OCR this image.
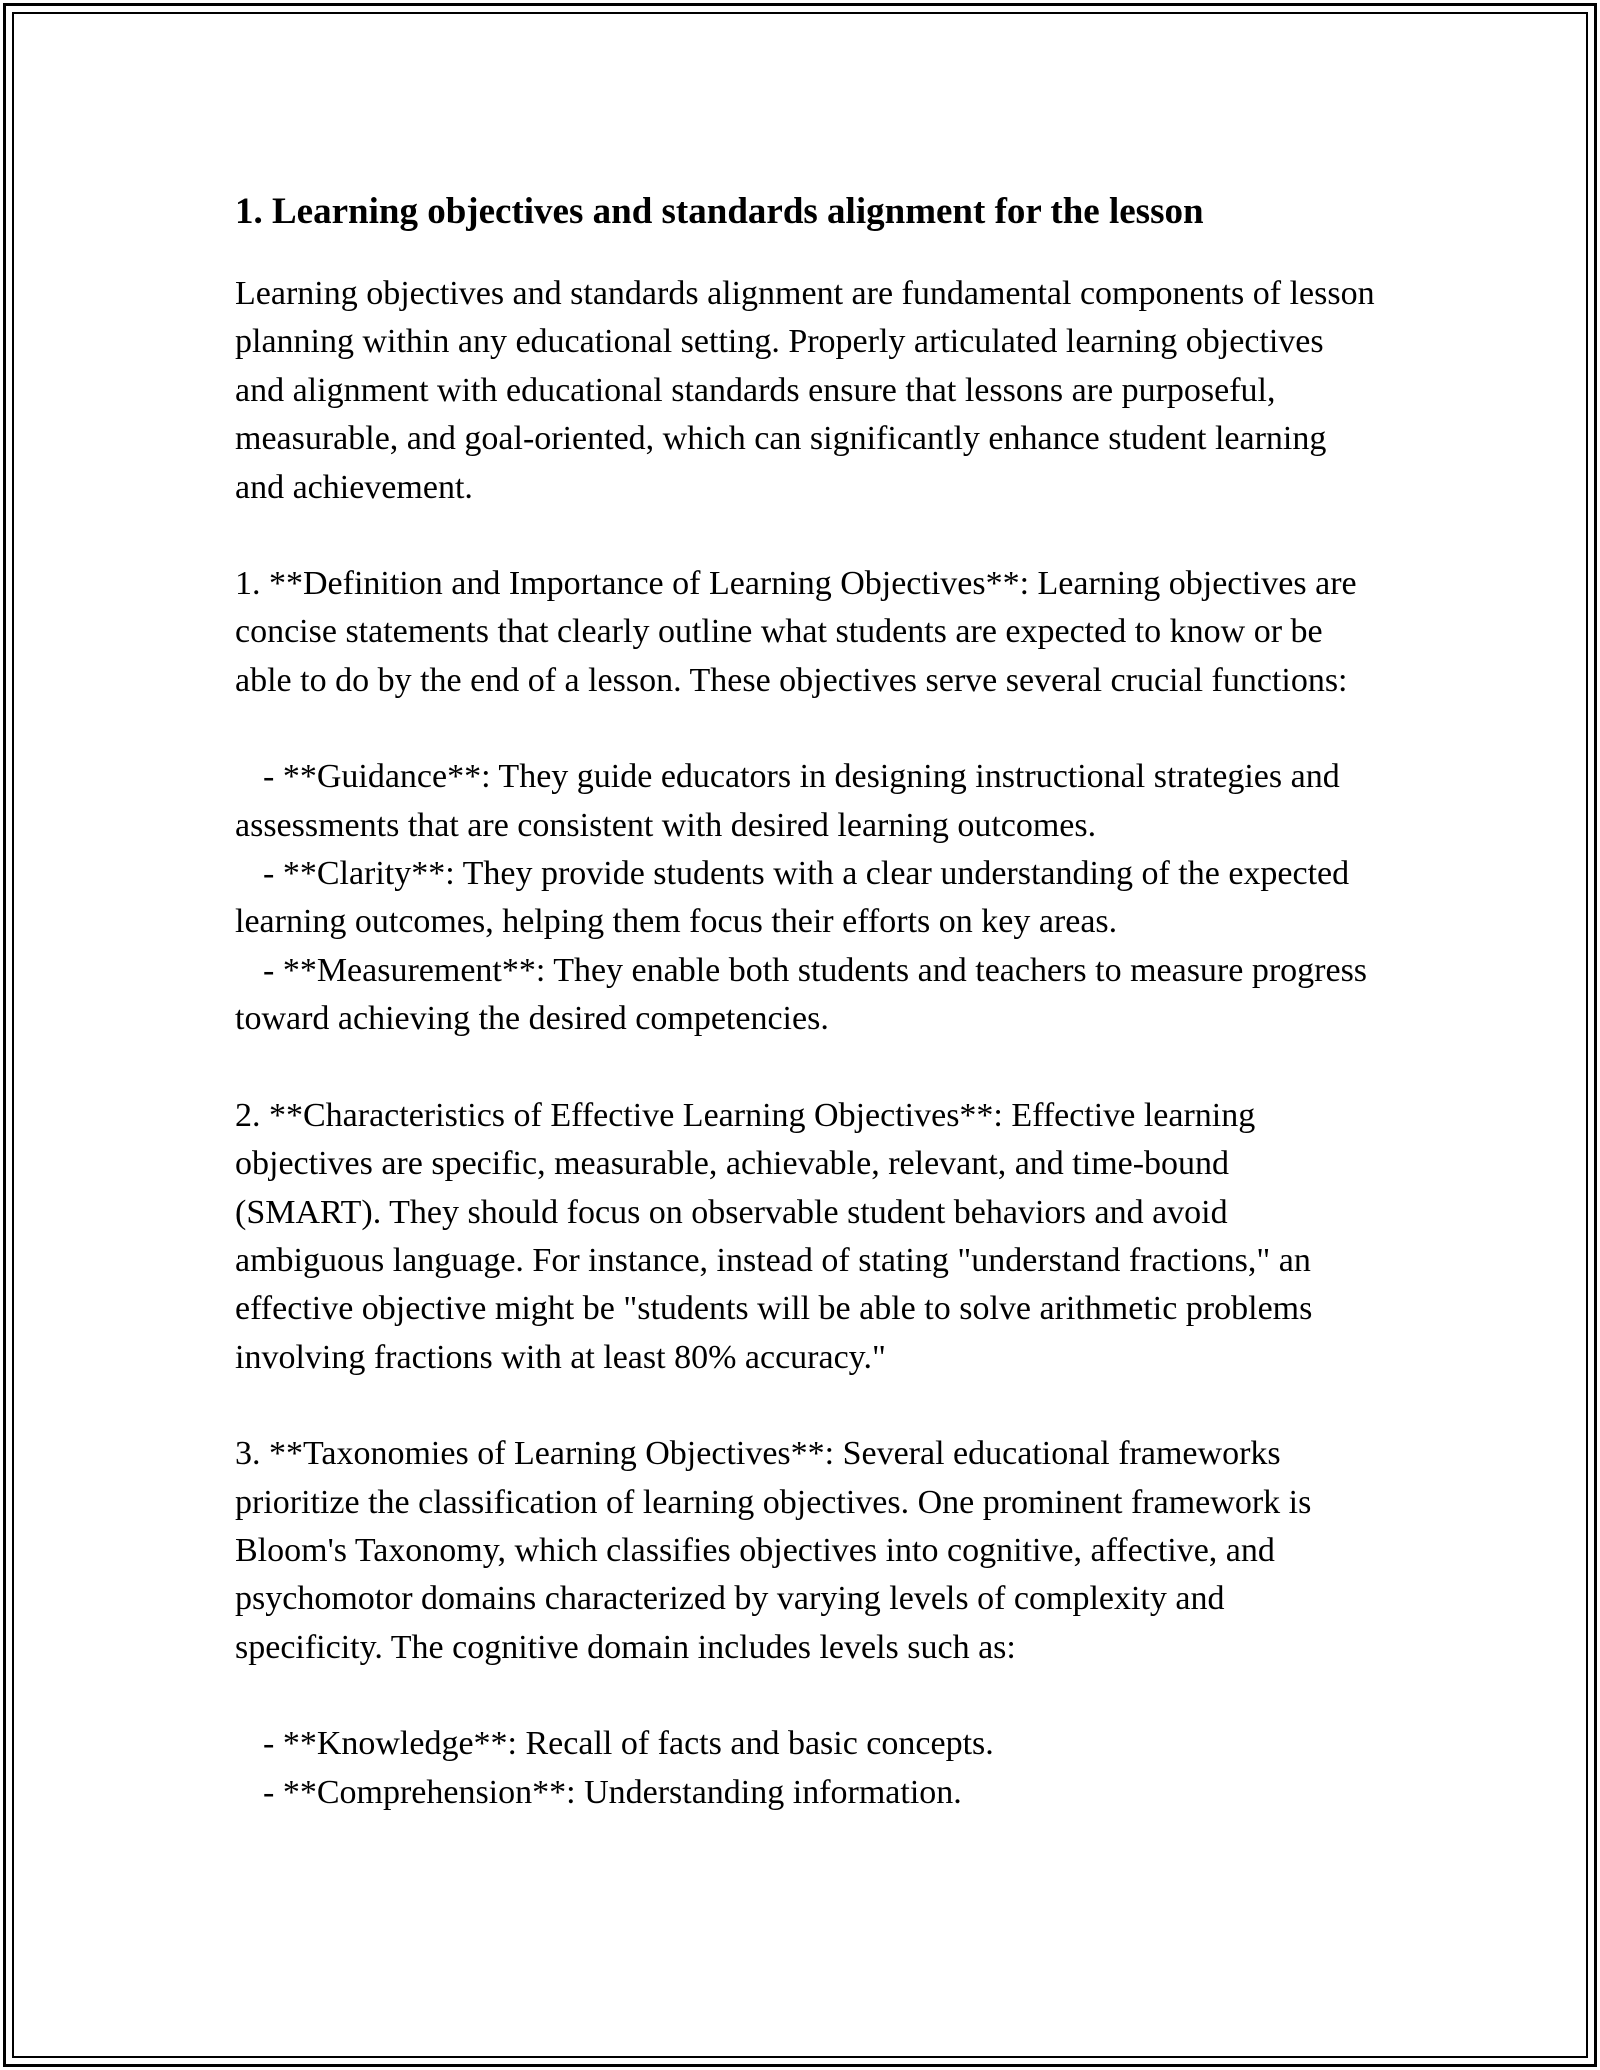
1. Learning objectives and standards alignment for the lesson

Learning objectives and standards alignment are fundamental components of lesson planning within any educational setting. Properly articulated learning objectives and alignment with educational standards ensure that lessons are purposeful, measurable, and goal-oriented, which can significantly enhance student learning and achievement.

1. **Definition and Importance of Learning Objectives**: Learning objectives are concise statements that clearly outline what students are expected to know or be able to do by the end of a lesson. These objectives serve several crucial functions:

- **Guidance**: They guide educators in designing instructional strategies and assessments that are consistent with desired learning outcomes.
- **Clarity**: They provide students with a clear understanding of the expected learning outcomes, helping them focus their efforts on key areas.
- **Measurement**: They enable both students and teachers to measure progress toward achieving the desired competencies.

2. **Characteristics of Effective Learning Objectives**: Effective learning objectives are specific, measurable, achievable, relevant, and time-bound (SMART). They should focus on observable student behaviors and avoid ambiguous language. For instance, instead of stating "understand fractions," an effective objective might be "students will be able to solve arithmetic problems involving fractions with at least 80% accuracy."

3. **Taxonomies of Learning Objectives**: Several educational frameworks prioritize the classification of learning objectives. One prominent framework is Bloom's Taxonomy, which classifies objectives into cognitive, affective, and psychomotor domains characterized by varying levels of complexity and specificity. The cognitive domain includes levels such as:

- **Knowledge**: Recall of facts and basic concepts.
- **Comprehension**: Understanding information.
